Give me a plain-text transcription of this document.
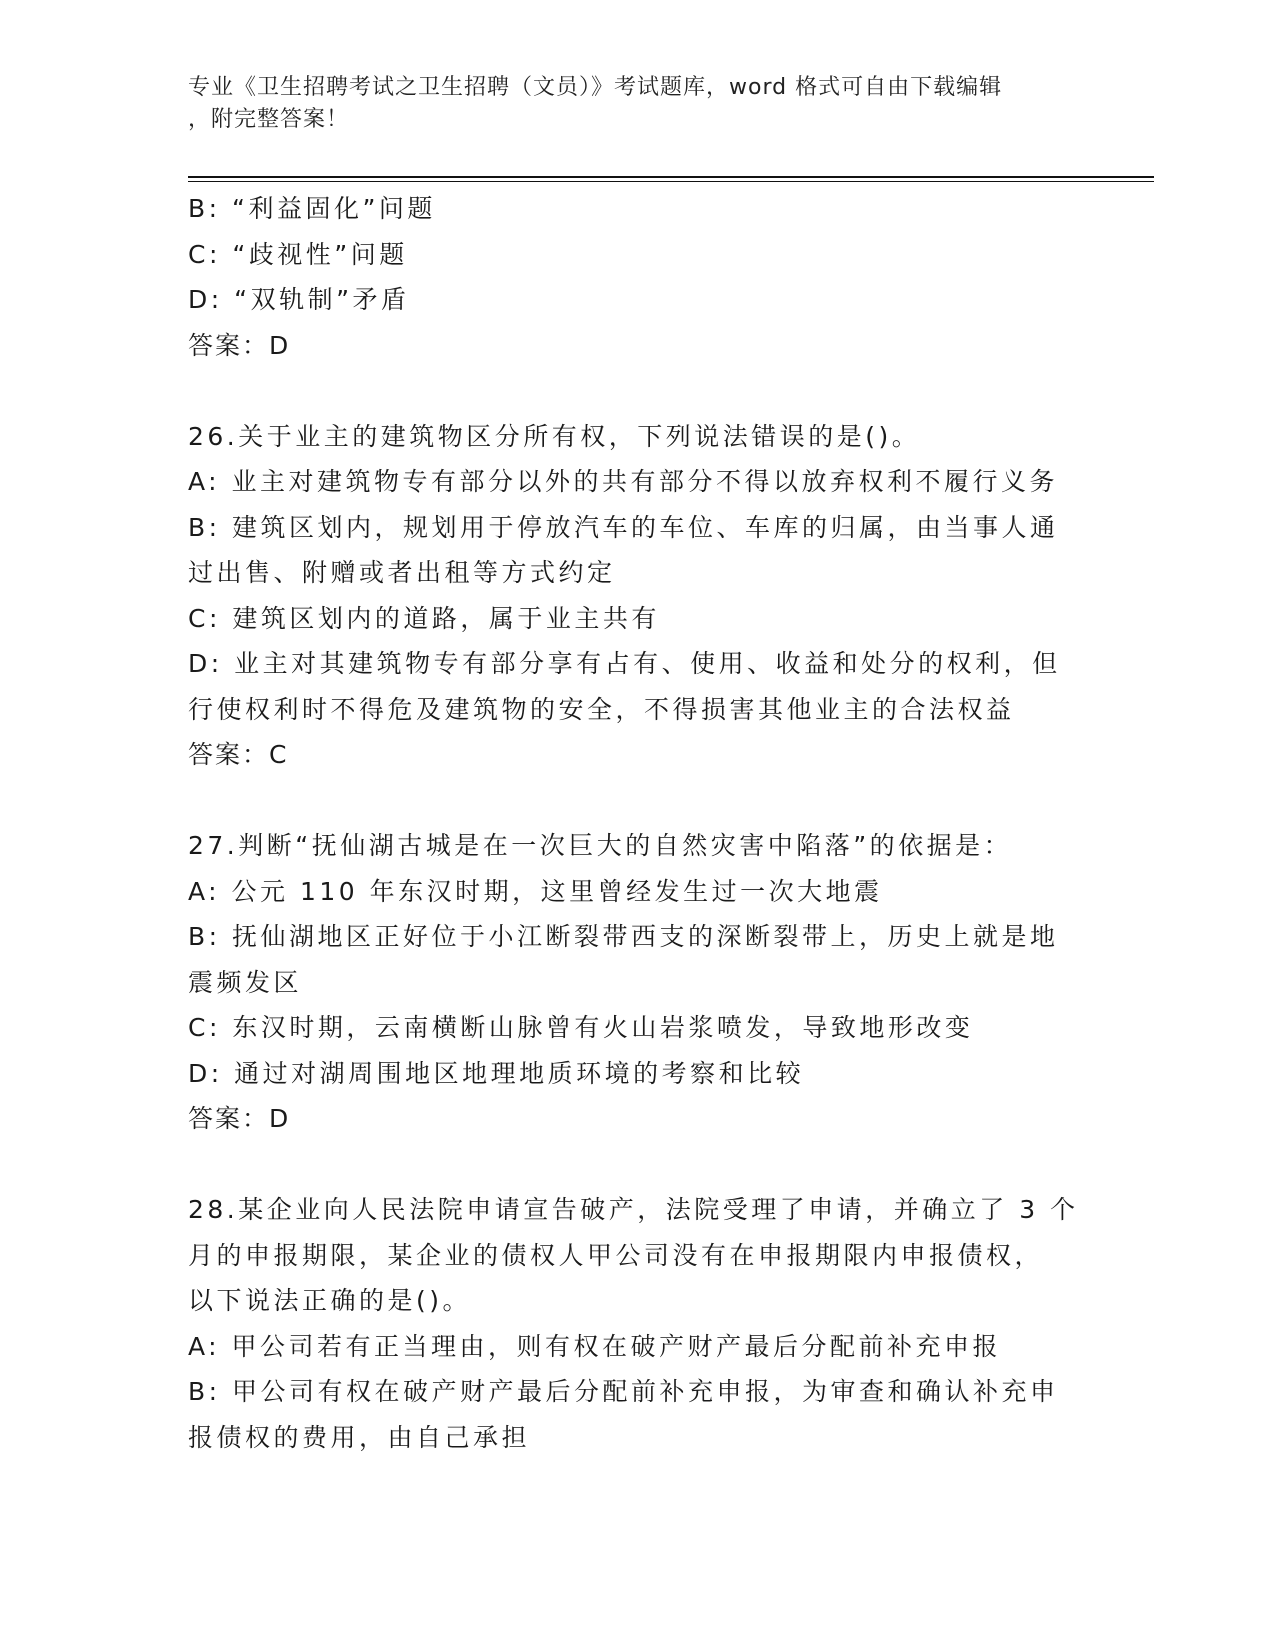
专业《卫生招聘考试之卫生招聘（文员）》考试题库，word 格式可自由下载编辑
，附完整答案！

B: “利益固化”问题

C: “歧视性”问题

D: “双轨制”矛盾

答案：D

26.关于业主的建筑物区分所有权，下列说法错误的是()。

A: 业主对建筑物专有部分以外的共有部分不得以放弃权利不履行义务

B: 建筑区划内，规划用于停放汽车的车位、车库的归属，由当事人通

过出售、附赠或者出租等方式约定

C: 建筑区划内的道路，属于业主共有

D: 业主对其建筑物专有部分享有占有、使用、收益和处分的权利，但

行使权利时不得危及建筑物的安全，不得损害其他业主的合法权益

答案：C

27.判断“抚仙湖古城是在一次巨大的自然灾害中陷落”的依据是：

A: 公元 110 年东汉时期，这里曾经发生过一次大地震

B: 抚仙湖地区正好位于小江断裂带西支的深断裂带上，历史上就是地

震频发区

C: 东汉时期，云南横断山脉曾有火山岩浆喷发，导致地形改变

D: 通过对湖周围地区地理地质环境的考察和比较

答案：D

28.某企业向人民法院申请宣告破产，法院受理了申请，并确立了 3 个

月的申报期限，某企业的债权人甲公司没有在申报期限内申报债权，

以下说法正确的是()。

A: 甲公司若有正当理由，则有权在破产财产最后分配前补充申报

B: 甲公司有权在破产财产最后分配前补充申报，为审查和确认补充申

报债权的费用，由自己承担
